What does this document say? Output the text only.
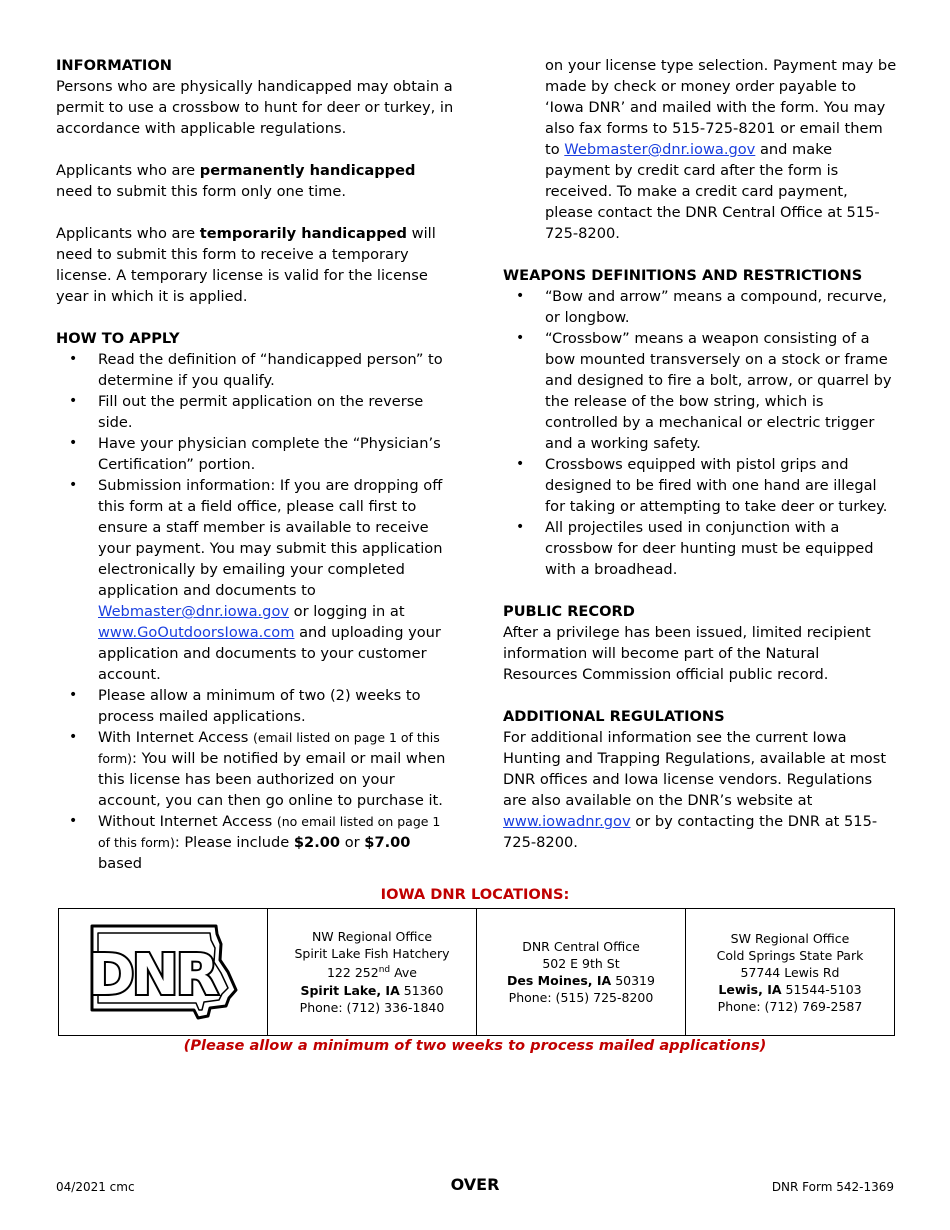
INFORMATION

Persons who are physically handicapped may obtain a permit to use a crossbow to hunt for deer or turkey, in accordance with applicable regulations.

Applicants who are permanently handicapped need to submit this form only one time.

Applicants who are temporarily handicapped will need to submit this form to receive a temporary license. A temporary license is valid for the license year in which it is applied.

HOW TO APPLY
• Read the definition of “handicapped person” to determine if you qualify.
• Fill out the permit application on the reverse side.
• Have your physician complete the “Physician’s Certification” portion.
• Submission information: If you are dropping off this form at a field office, please call first to ensure a staff member is available to receive your payment. You may submit this application electronically by emailing your completed application and documents to Webmaster@dnr.iowa.gov or logging in at www.GoOutdoorsIowa.com and uploading your application and documents to your customer account.
• Please allow a minimum of two (2) weeks to process mailed applications.
• With Internet Access (email listed on page 1 of this form): You will be notified by email or mail when this license has been authorized on your account, you can then go online to purchase it.
• Without Internet Access (no email listed on page 1 of this form): Please include $2.00 or $7.00 based

on your license type selection. Payment may be made by check or money order payable to ‘Iowa DNR’ and mailed with the form. You may also fax forms to 515-725-8201 or email them to Webmaster@dnr.iowa.gov and make payment by credit card after the form is received. To make a credit card payment, please contact the DNR Central Office at 515-725-8200.

WEAPONS DEFINITIONS AND RESTRICTIONS
• “Bow and arrow” means a compound, recurve, or longbow.
• “Crossbow” means a weapon consisting of a bow mounted transversely on a stock or frame and designed to fire a bolt, arrow, or quarrel by the release of the bow string, which is controlled by a mechanical or electric trigger and a working safety.
• Crossbows equipped with pistol grips and designed to be fired with one hand are illegal for taking or attempting to take deer or turkey.
• All projectiles used in conjunction with a crossbow for deer hunting must be equipped with a broadhead.
PUBLIC RECORD

After a privilege has been issued, limited recipient information will become part of the Natural Resources Commission official public record.

ADDITIONAL REGULATIONS

For additional information see the current Iowa Hunting and Trapping Regulations, available at most DNR offices and Iowa license vendors. Regulations are also available on the DNR’s website at www.iowadnr.gov or by contacting the DNR at 515-725-8200.

IOWA DNR LOCATIONS:
DNR

NW Regional Office
Spirit Lake Fish Hatchery
122 252nd Ave
Spirit Lake, IA 51360
Phone: (712) 336-1840

DNR Central Office
502 E 9th St
Des Moines, IA 50319
Phone: (515) 725-8200

SW Regional Office
Cold Springs State Park
57744 Lewis Rd
Lewis, IA 51544-5103
Phone: (712) 769-2587
(Please allow a minimum of two weeks to process mailed applications)
04/2021 cmc	OVER	DNR Form 542-1369
